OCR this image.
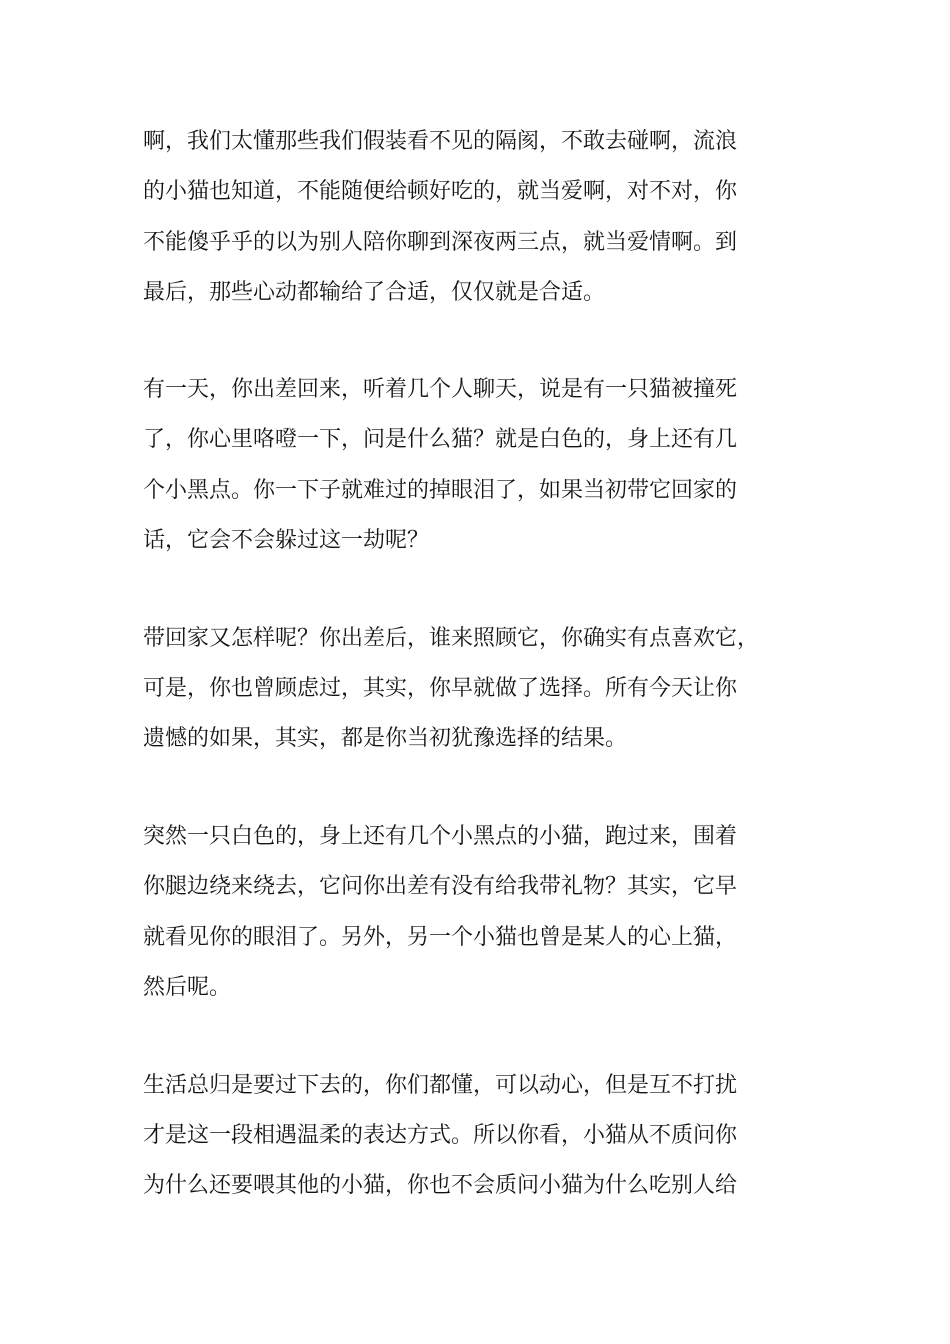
啊，我们太懂那些我们假装看不见的隔阂，不敢去碰啊，流浪

的小猫也知道，不能随便给顿好吃的，就当爱啊，对不对，你

不能傻乎乎的以为别人陪你聊到深夜两三点，就当爱情啊。到

最后，那些心动都输给了合适，仅仅就是合适。

有一天，你出差回来，听着几个人聊天，说是有一只猫被撞死

了，你心里咯噔一下，问是什么猫？就是白色的，身上还有几

个小黑点。你一下子就难过的掉眼泪了，如果当初带它回家的

话，它会不会躲过这一劫呢？

带回家又怎样呢？你出差后，谁来照顾它，你确实有点喜欢它，

可是，你也曾顾虑过，其实，你早就做了选择。所有今天让你

遗憾的如果，其实，都是你当初犹豫选择的结果。

突然一只白色的，身上还有几个小黑点的小猫，跑过来，围着

你腿边绕来绕去，它问你出差有没有给我带礼物？其实，它早

就看见你的眼泪了。另外，另一个小猫也曾是某人的心上猫，

然后呢。

生活总归是要过下去的，你们都懂，可以动心，但是互不打扰

才是这一段相遇温柔的表达方式。所以你看，小猫从不质问你

为什么还要喂其他的小猫，你也不会质问小猫为什么吃别人给
